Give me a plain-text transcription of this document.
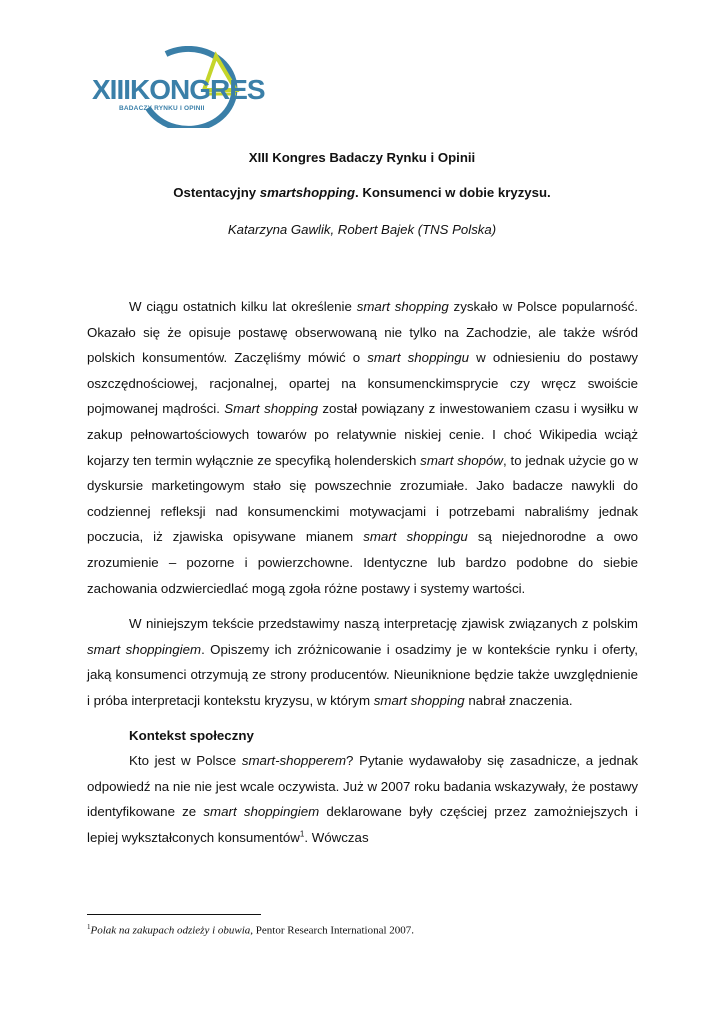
XIIIKONGRES
BADACZY RYNKU I OPINII
XIII Kongres Badaczy Rynku i Opinii
Ostentacyjny smartshopping. Konsumenci w dobie kryzysu.
Katarzyna Gawlik, Robert Bajek (TNS Polska)

W ciągu ostatnich kilku lat określenie smart shopping zyskało w Polsce popularność. Okazało się że opisuje postawę obserwowaną nie tylko na Zachodzie, ale także wśród polskich konsumentów. Zaczęliśmy mówić o smart shoppingu w odniesieniu do postawy oszczędnościowej, racjonalnej, opartej na konsumenckimsprycie czy wręcz swoiście pojmowanej mądrości. Smart shopping został powiązany z inwestowaniem czasu i wysiłku w zakup pełnowartościowych towarów po relatywnie niskiej cenie. I choć Wikipedia wciąż kojarzy ten termin wyłącznie ze specyfiką holenderskich smart shopów, to jednak użycie go w dyskursie marketingowym stało się powszechnie zrozumiałe. Jako badacze nawykli do codziennej refleksji nad konsumenckimi motywacjami i potrzebami nabraliśmy jednak poczucia, iż zjawiska opisywane mianem smart shoppingu są niejednorodne a owo zrozumienie – pozorne i powierzchowne. Identyczne lub bardzo podobne do siebie zachowania odzwierciedlać mogą zgoła różne postawy i systemy wartości.

W niniejszym tekście przedstawimy naszą interpretację zjawisk związanych z polskim smart shoppingiem. Opiszemy ich zróżnicowanie i osadzimy je w kontekście rynku i oferty, jaką konsumenci otrzymują ze strony producentów. Nieuniknione będzie także uwzględnienie i próba interpretacji kontekstu kryzysu, w którym smart shopping nabrał znaczenia.

Kontekst społeczny

Kto jest w Polsce smart-shopperem? Pytanie wydawałoby się zasadnicze, a jednak odpowiedź na nie nie jest wcale oczywista. Już w 2007 roku badania wskazywały, że postawy identyfikowane ze smart shoppingiem deklarowane były częściej przez zamożniejszych i lepiej wykształconych konsumentów$^1$. Wówczas

$^1$Polak na zakupach odzieży i obuwia, Pentor Research International 2007.
